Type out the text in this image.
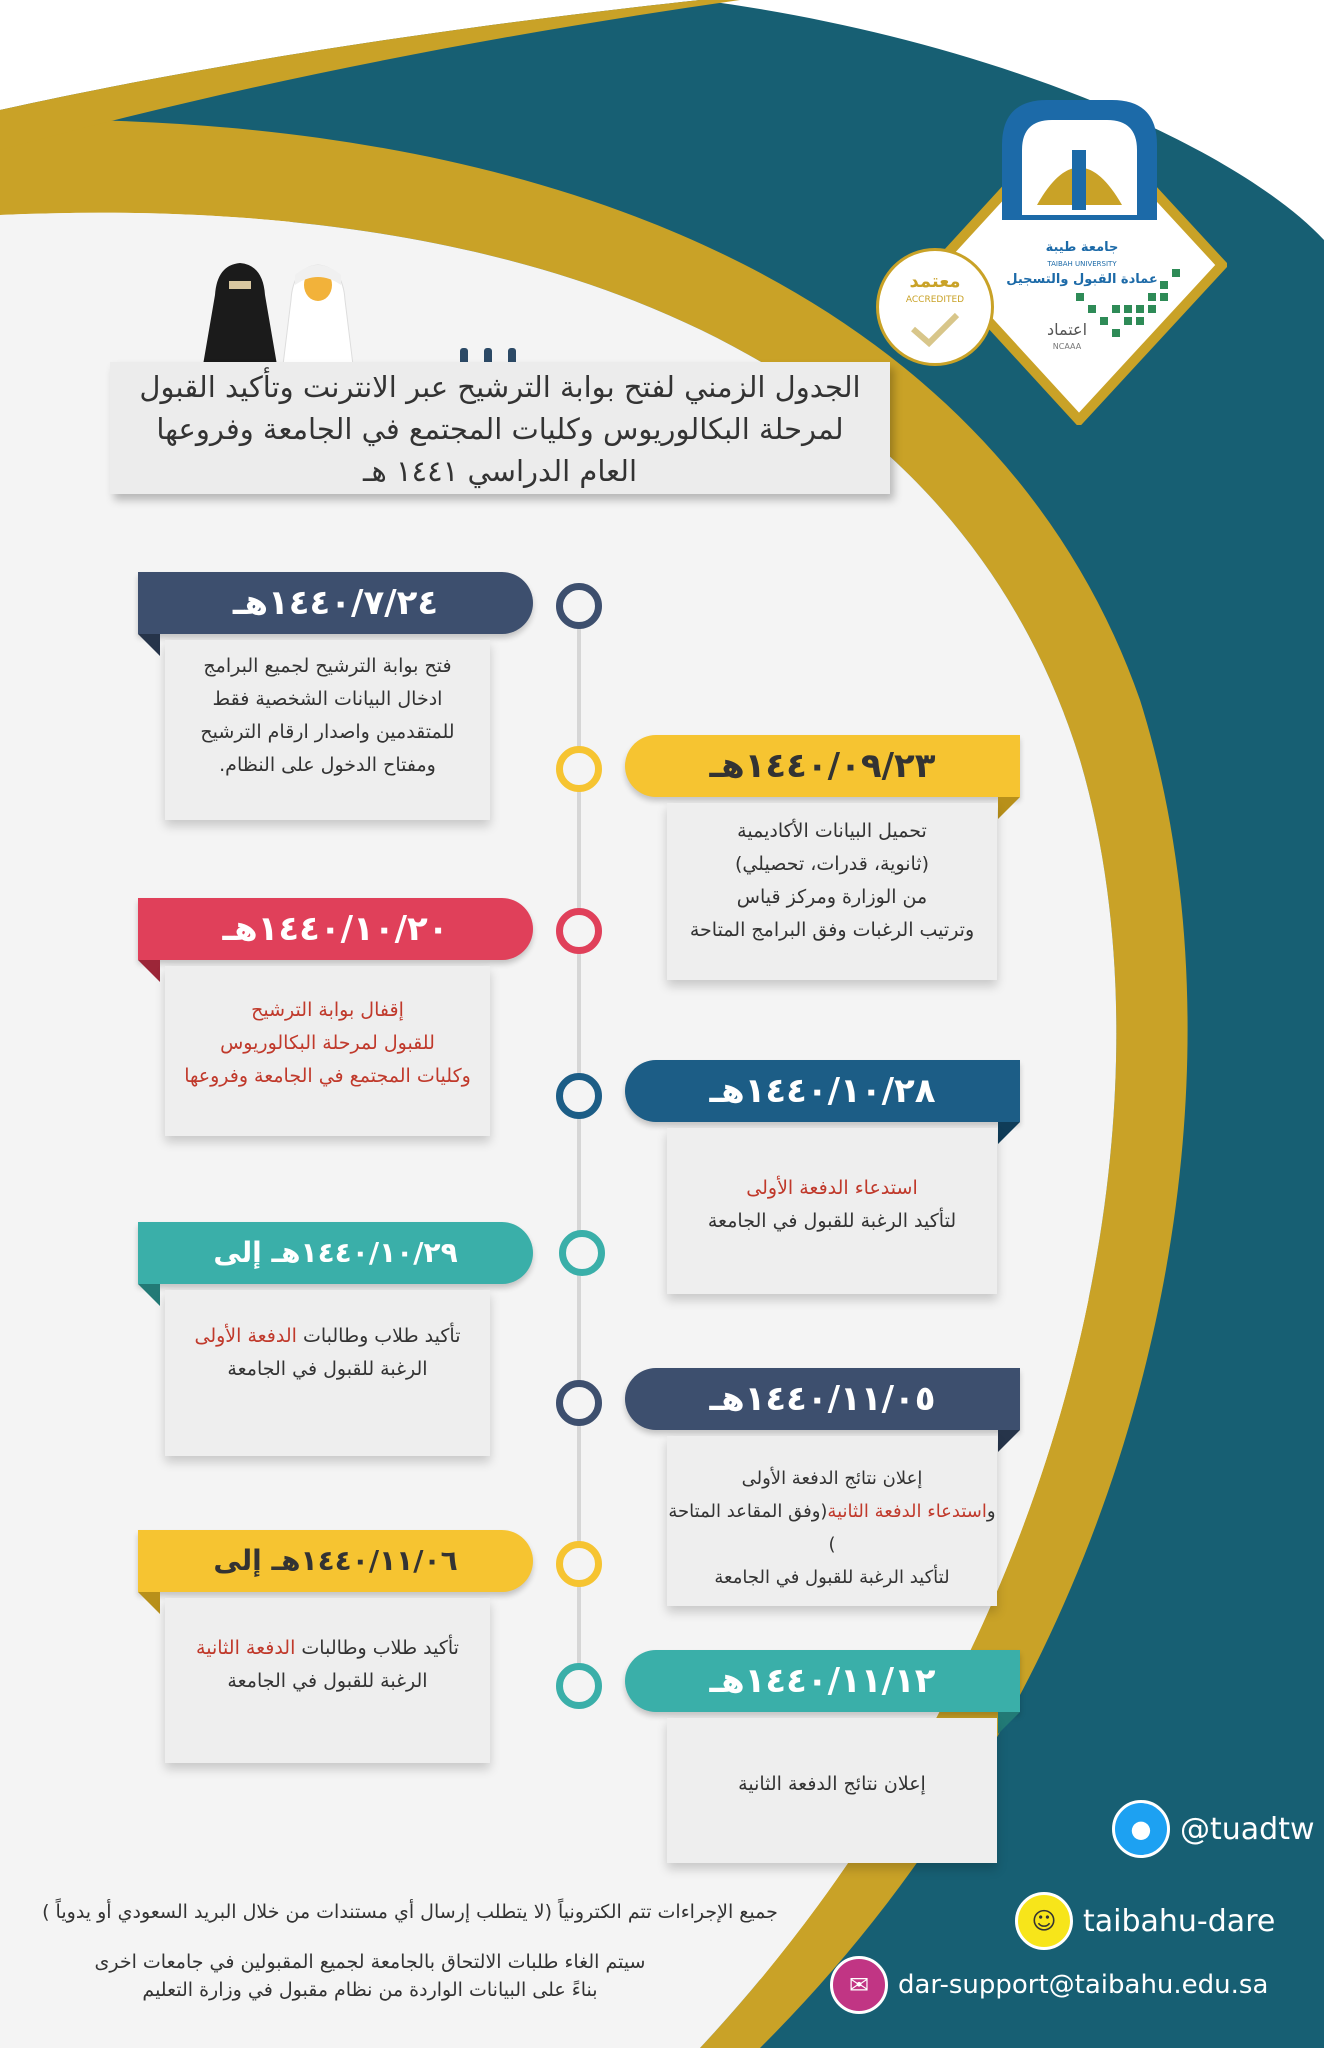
جامعة طيبة
TAIBAH UNIVERSITY
عمادة القبول والتسجيل
اعتماد
NCAAA
معتمد
ACCREDITED
الجدول الزمني لفتح بوابة الترشيح عبر الانترنت وتأكيد القبول
لمرحلة البكالوريوس وكليات المجتمع في الجامعة وفروعها
العام الدراسي ١٤٤١ هـ
١٤٤٠/٧/٢٤هـ

فتح بوابة الترشيح لجميع البرامج

ادخال البيانات الشخصية فقط

للمتقدمين واصدار ارقام الترشيح

ومفتاح الدخول على النظام.	١٤٤٠/٠٩/٢٣هـ

تحميل البيانات الأكاديمية

(ثانوية، قدرات، تحصيلي)

من الوزارة ومركز قياس

وترتيب الرغبات وفق البرامج المتاحة

١٤٤٠/١٠/٢٠هـ

إقفال بوابة الترشيح

للقبول لمرحلة البكالوريوس

وكليات المجتمع في الجامعة وفروعها	١٤٤٠/١٠/٢٨هـ

استدعاء الدفعة الأولى

لتأكيد الرغبة للقبول في الجامعة

١٤٤٠/١٠/٢٩هـ إلى

تأكيد طلاب وطالبات الدفعة الأولى

الرغبة للقبول في الجامعة

١٤٤٠/١١/٠٥هـ

إعلان نتائج الدفعة الأولى

واستدعاء الدفعة الثانية(وفق المقاعد المتاحة )

لتأكيد الرغبة للقبول في الجامعة

١٤٤٠/١١/٠٦هـ إلى

تأكيد طلاب وطالبات الدفعة الثانية

الرغبة للقبول في الجامعة	١٤٤٠/١١/١٢هـ

إعلان نتائج الدفعة الثانية

جميع الإجراءات تتم الكترونياً (لا يتطلب إرسال أي مستندات من خلال البريد السعودي أو يدوياً )
سيتم الغاء طلبات الالتحاق بالجامعة لجميع المقبولين في جامعات اخرى
بناءً على البيانات الواردة من نظام مقبول في وزارة التعليم
● @tuadtw
☺ taibahu-dare
✉	dar-support@taibahu.edu.sa
